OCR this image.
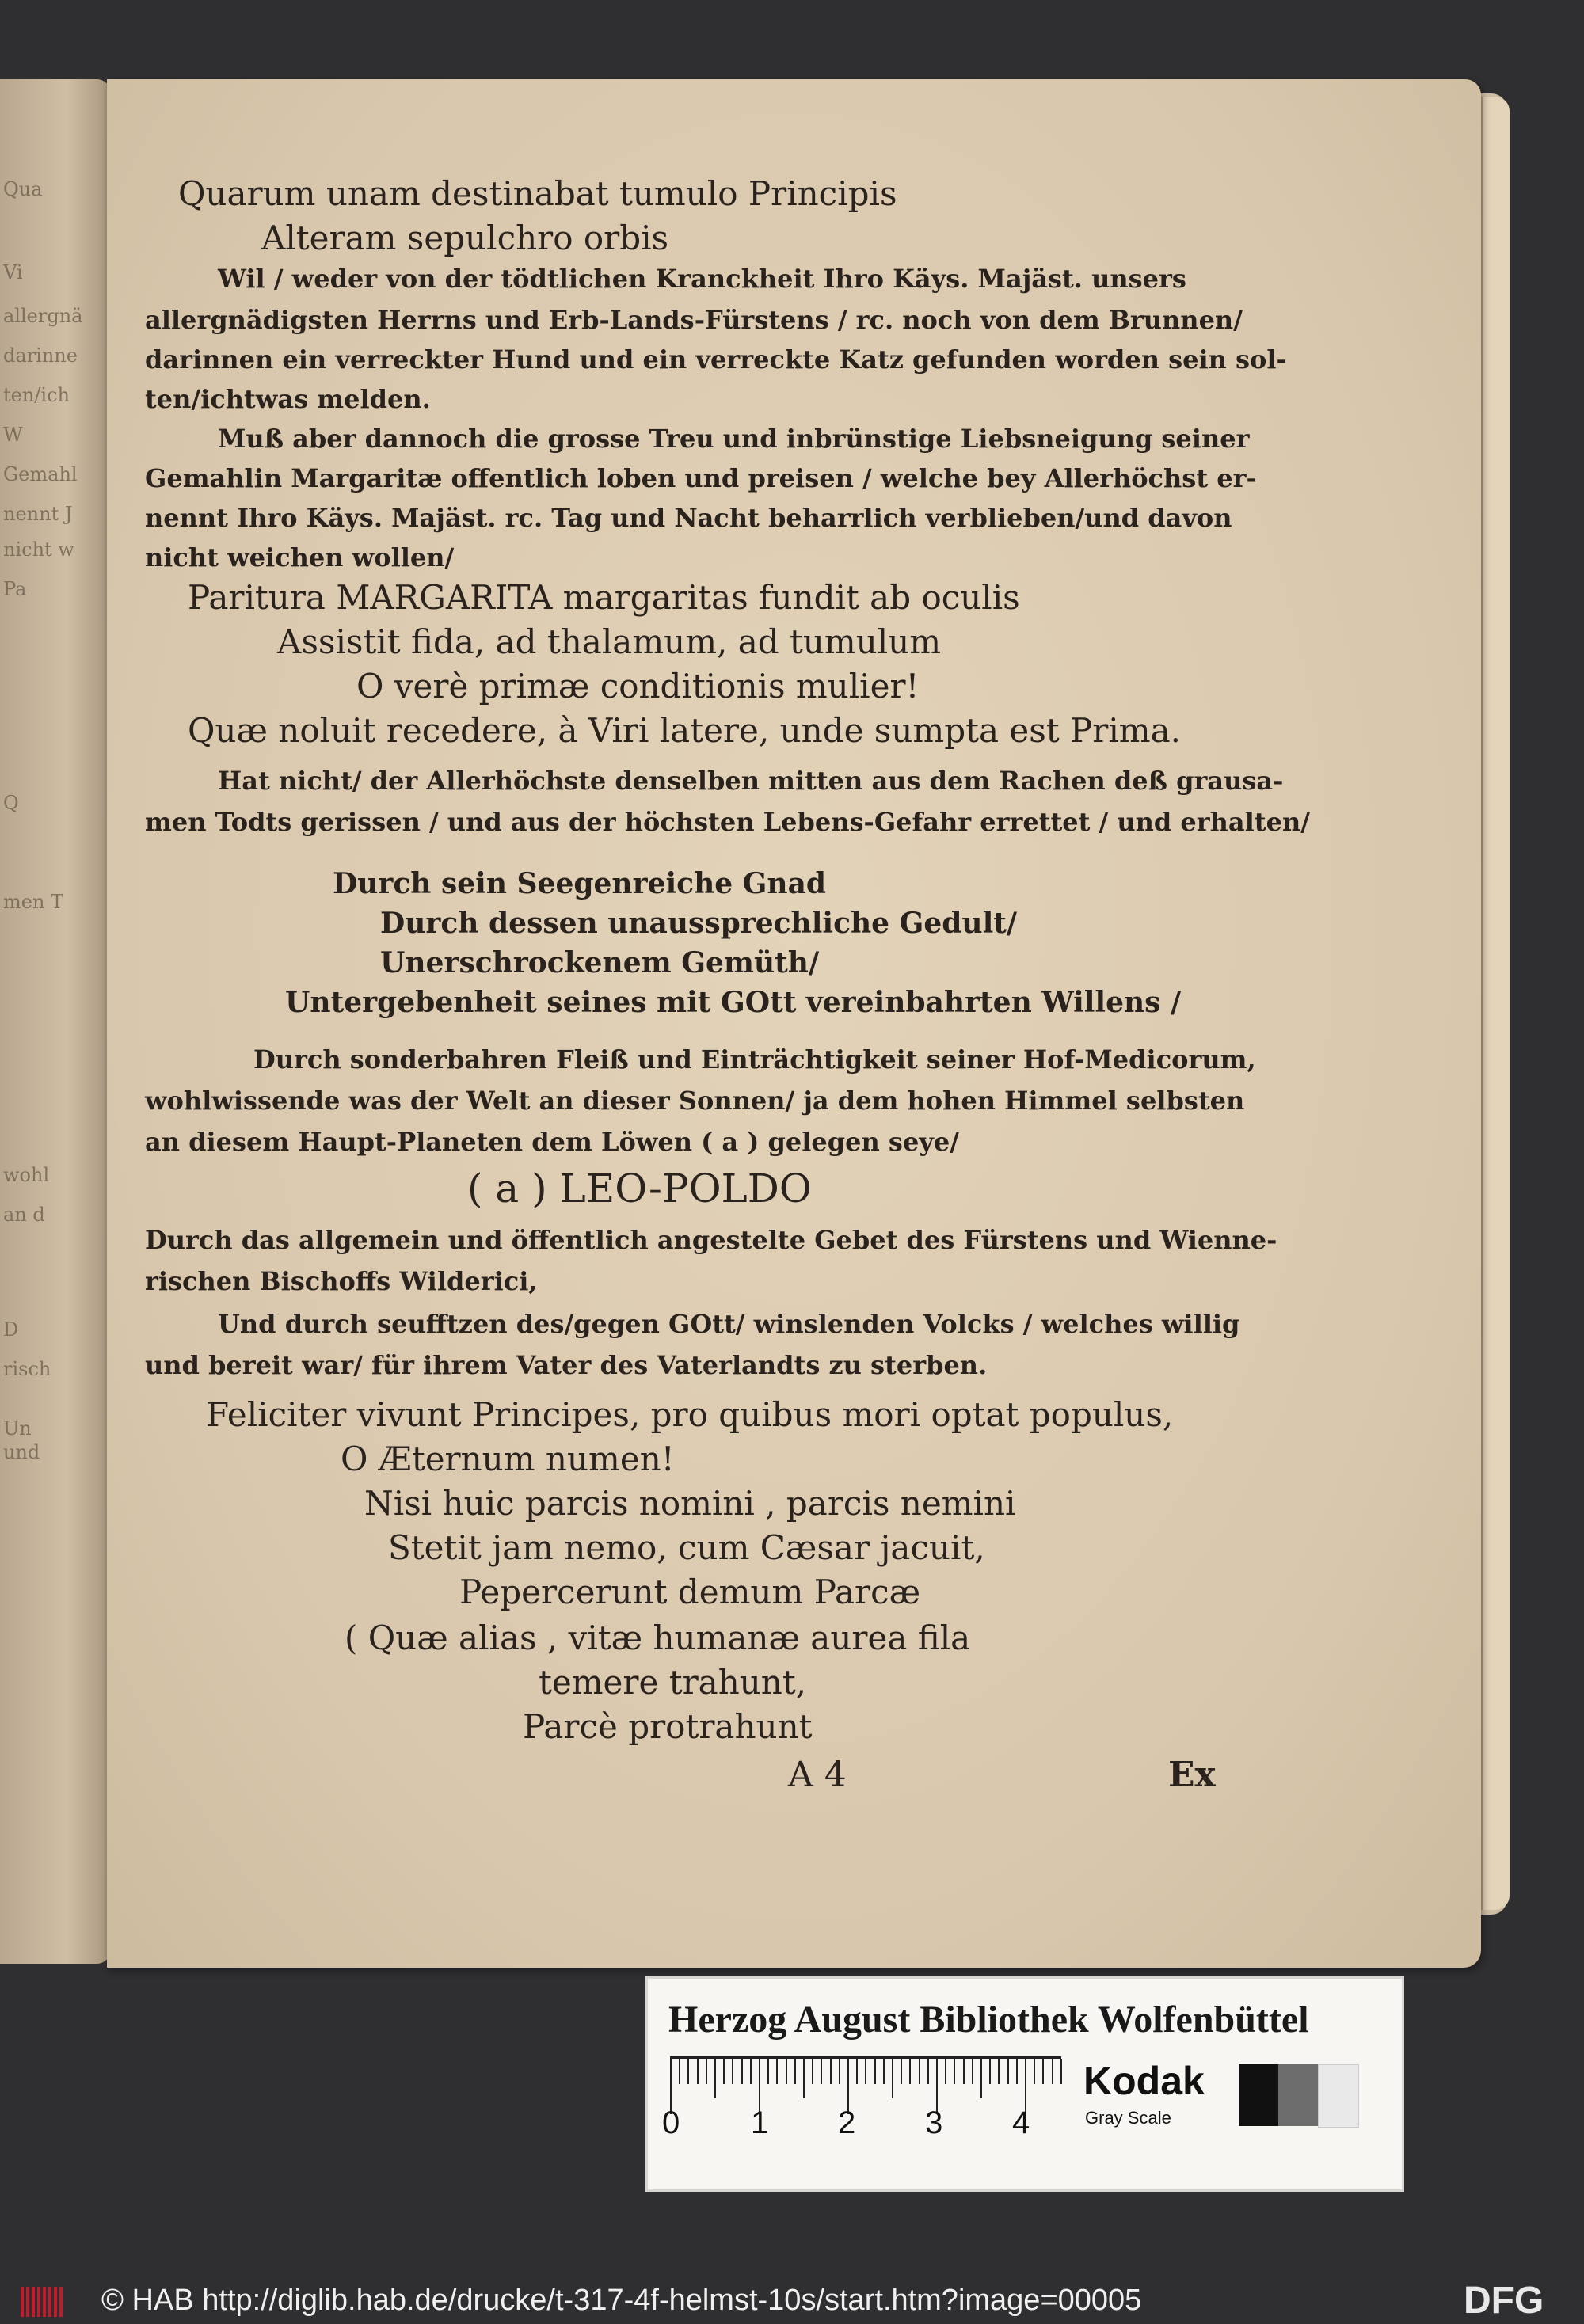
Qua
Vi
allergnä
darinne
ten/ich
W
Gemahl
nennt J
nicht w
Pa
Q
men T
wohl
an d
D
risch
Un
und
Quarum unam destinabat tumulo Principis
Alteram sepulchro orbis
Wil / weder von der tödtlichen Kranckheit Ihro Käys. Majäst. unsers
allergnädigsten Herrns und Erb-Lands-Fürstens / rc. noch von dem Brunnen/
darinnen ein verreckter Hund und ein verreckte Katz gefunden worden sein sol-
ten/ichtwas melden.
Muß aber dannoch die grosse Treu und inbrünstige Liebsneigung seiner
Gemahlin Margaritæ offentlich loben und preisen / welche bey Allerhöchst er-
nennt Ihro Käys. Majäst. rc. Tag und Nacht beharrlich verblieben/und davon
nicht weichen wollen/
Paritura MARGARITA margaritas fundit ab oculis
Assistit fida, ad thalamum, ad tumulum
O verè primæ conditionis mulier!
Quæ noluit recedere, à Viri latere, unde sumpta est Prima.
Hat nicht/ der Allerhöchste denselben mitten aus dem Rachen deß grausa-
men Todts gerissen / und aus der höchsten Lebens-Gefahr errettet / und erhalten/
Durch sein Seegenreiche Gnad
Durch dessen unaussprechliche Gedult/
Unerschrockenem Gemüth/
Untergebenheit seines mit GOtt vereinbahrten Willens /
Durch sonderbahren Fleiß und Einträchtigkeit seiner Hof-Medicorum,
wohlwissende was der Welt an dieser Sonnen/ ja dem hohen Himmel selbsten
an diesem Haupt-Planeten dem Löwen ( a ) gelegen seye/
( a ) LEO-POLDO
Durch das allgemein und öffentlich angestelte Gebet des Fürstens und Wienne-
rischen Bischoffs Wilderici,
Und durch seufftzen des/gegen GOtt/ winslenden Volcks / welches willig
und bereit war/ für ihrem Vater des Vaterlandts zu sterben.
Feliciter vivunt Principes, pro quibus mori optat populus,
O Æternum numen!
Nisi huic parcis nomini , parcis nemini
Stetit jam nemo, cum Cæsar jacuit,
Pepercerunt demum Parcæ
( Quæ alias , vitæ humanæ aurea fila
temere trahunt,
Parcè protrahunt
A 4	Ex
Herzog August Bibliothek Wolfenbüttel
0 1 2 3 4
Kodak
Gray Scale
© HAB http://diglib.hab.de/drucke/t-317-4f-helmst-10s/start.htm?image=00005	DFG
